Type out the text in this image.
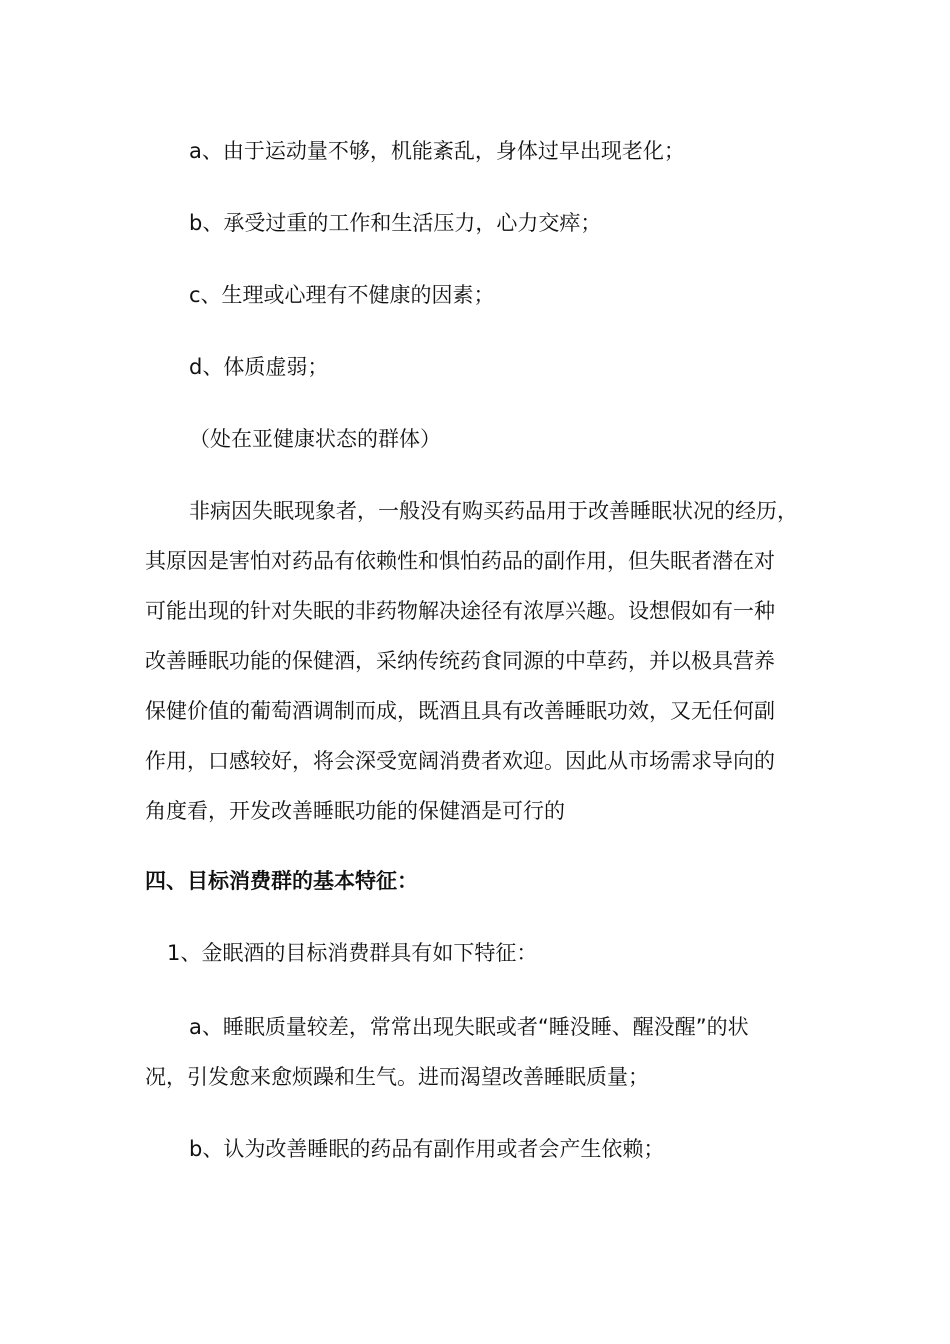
a、由于运动量不够，机能紊乱，身体过早出现老化；
b、承受过重的工作和生活压力，心力交瘁；
c、生理或心理有不健康的因素；
d、体质虚弱；
（处在亚健康状态的群体）
非病因失眠现象者，一般没有购买药品用于改善睡眠状况的经历，
其原因是害怕对药品有依赖性和惧怕药品的副作用，但失眠者潜在对
可能出现的针对失眠的非药物解决途径有浓厚兴趣。设想假如有一种
改善睡眠功能的保健酒，采纳传统药食同源的中草药，并以极具营养
保健价值的葡萄酒调制而成，既酒且具有改善睡眠功效，又无任何副
作用，口感较好，将会深受宽阔消费者欢迎。因此从市场需求导向的
角度看，开发改善睡眠功能的保健酒是可行的
四、目标消费群的基本特征：
1、金眠酒的目标消费群具有如下特征：
a、睡眠质量较差，常常出现失眠或者“睡没睡、醒没醒”的状
况，引发愈来愈烦躁和生气。进而渴望改善睡眠质量；
b、认为改善睡眠的药品有副作用或者会产生依赖；
